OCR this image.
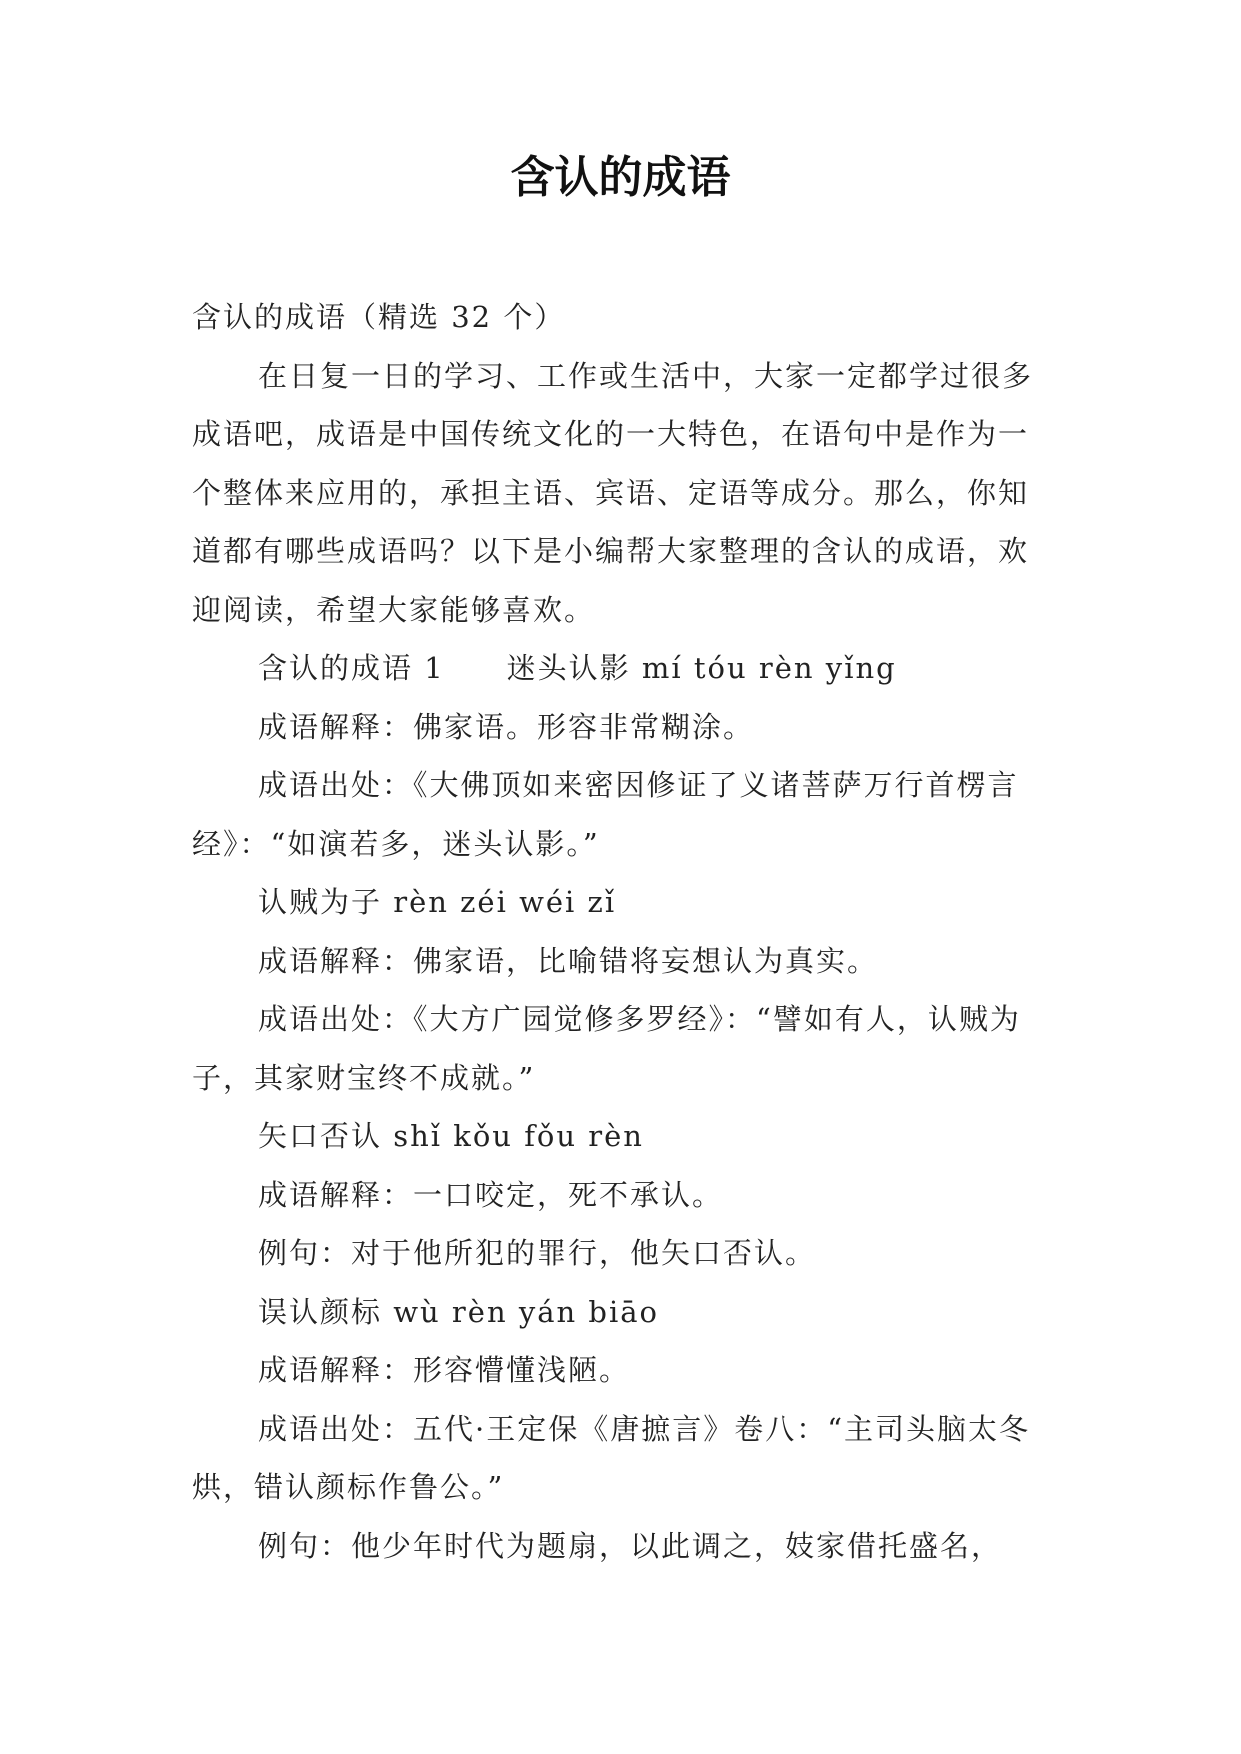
含认的成语

含认的成语（精选 32 个）

在日复一日的学习、工作或生活中，大家一定都学过很多成语吧，成语是中国传统文化的一大特色，在语句中是作为一个整体来应用的，承担主语、宾语、定语等成分。那么，你知道都有哪些成语吗？以下是小编帮大家整理的含认的成语，欢迎阅读，希望大家能够喜欢。

含认的成语 1　　迷头认影 mí tóu rèn yǐng

成语解释：佛家语。形容非常糊涂。

成语出处：《大佛顶如来密因修证了义诸菩萨万行首楞言经》：“如演若多，迷头认影。”

认贼为子 rèn zéi wéi zǐ

成语解释：佛家语，比喻错将妄想认为真实。

成语出处：《大方广园觉修多罗经》：“譬如有人，认贼为子，其家财宝终不成就。”

矢口否认 shǐ kǒu fǒu rèn

成语解释：一口咬定，死不承认。

例句：对于他所犯的罪行，他矢口否认。

误认颜标 wù rèn yán biāo

成语解释：形容懵懂浅陋。

成语出处：五代·王定保《唐摭言》卷八：“主司头脑太冬烘，错认颜标作鲁公。”

例句：他少年时代为题扇，以此调之，妓家借托盛名，
